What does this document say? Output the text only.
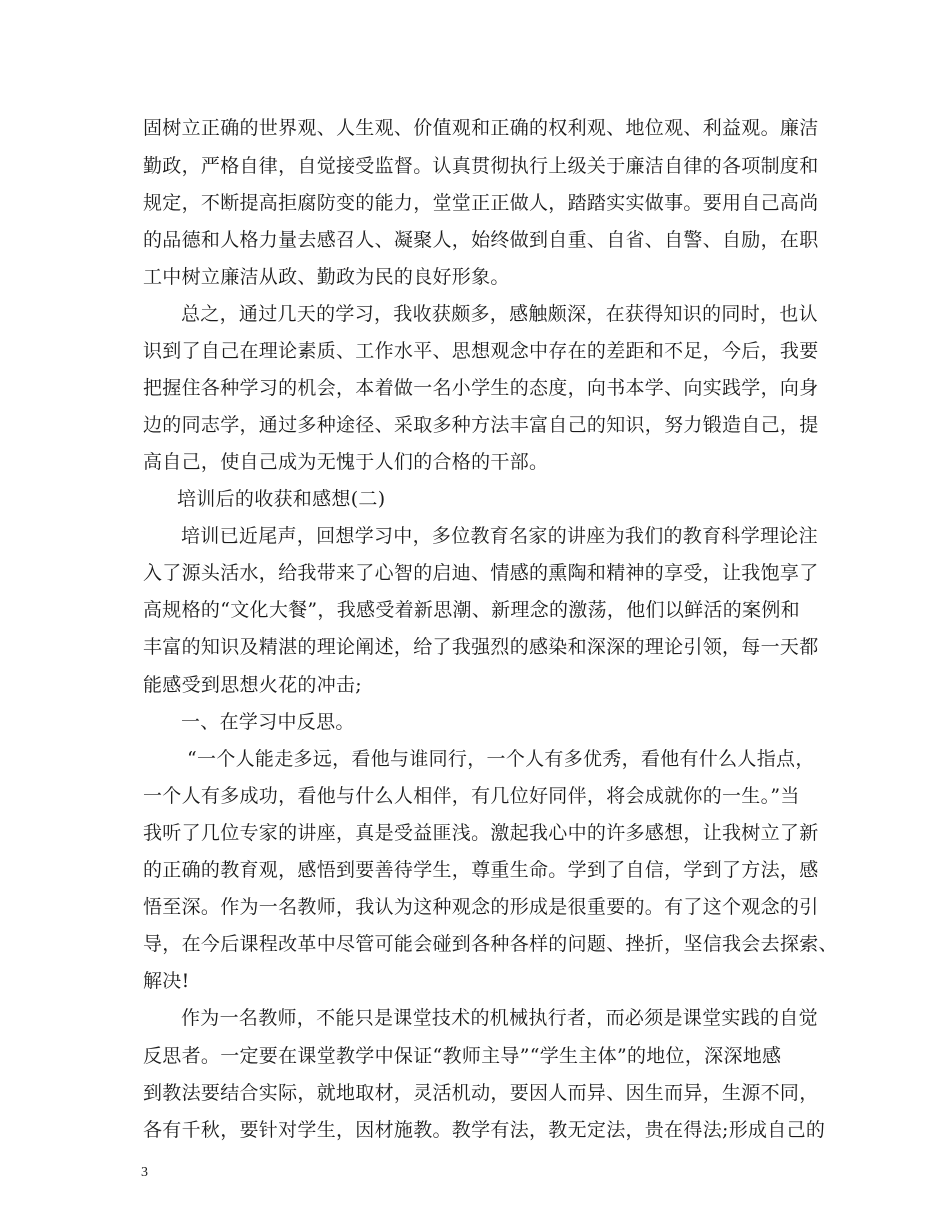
固树立正确的世界观、人生观、价值观和正确的权利观、地位观、利益观。廉洁
勤政，严格自律，自觉接受监督。认真贯彻执行上级关于廉洁自律的各项制度和
规定，不断提高拒腐防变的能力，堂堂正正做人，踏踏实实做事。要用自己高尚
的品德和人格力量去感召人、凝聚人，始终做到自重、自省、自警、自励，在职
工中树立廉洁从政、勤政为民的良好形象。
总之，通过几天的学习，我收获颇多，感触颇深，在获得知识的同时，也认
识到了自己在理论素质、工作水平、思想观念中存在的差距和不足，今后，我要
把握住各种学习的机会，本着做一名小学生的态度，向书本学、向实践学，向身
边的同志学，通过多种途径、采取多种方法丰富自己的知识，努力锻造自己，提
高自己，使自己成为无愧于人们的合格的干部。
培训后的收获和感想(二)
培训已近尾声，回想学习中，多位教育名家的讲座为我们的教育科学理论注
入了源头活水，给我带来了心智的启迪、情感的熏陶和精神的享受，让我饱享了
高规格的“文化大餐”，我感受着新思潮、新理念的激荡，他们以鲜活的案例和
丰富的知识及精湛的理论阐述，给了我强烈的感染和深深的理论引领，每一天都
能感受到思想火花的冲击;
一、在学习中反思。
“一个人能走多远，看他与谁同行，一个人有多优秀，看他有什么人指点，
一个人有多成功，看他与什么人相伴，有几位好同伴，将会成就你的一生。”当
我听了几位专家的讲座，真是受益匪浅。激起我心中的许多感想，让我树立了新
的正确的教育观，感悟到要善待学生，尊重生命。学到了自信，学到了方法，感
悟至深。作为一名教师，我认为这种观念的形成是很重要的。有了这个观念的引
导，在今后课程改革中尽管可能会碰到各种各样的问题、挫折，坚信我会去探索、
解决!
作为一名教师，不能只是课堂技术的机械执行者，而必须是课堂实践的自觉
反思者。一定要在课堂教学中保证“教师主导”“学生主体”的地位，深深地感
到教法要结合实际，就地取材，灵活机动，要因人而异、因生而异，生源不同，
各有千秋，要针对学生，因材施教。教学有法，教无定法，贵在得法;形成自己的
3
